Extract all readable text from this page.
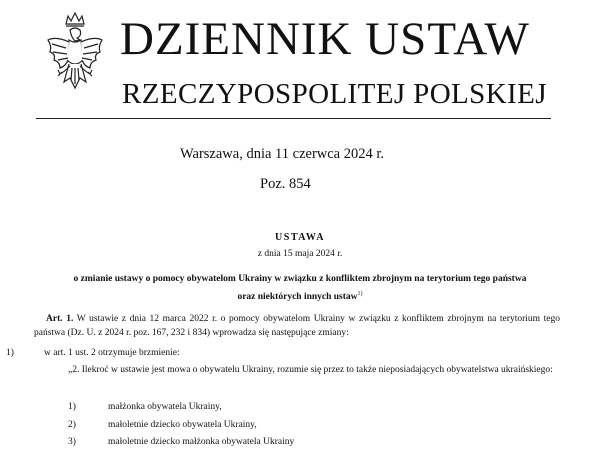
DZIENNIK USTAW
RZECZYPOSPOLITEJ POLSKIEJ
Warszawa, dnia 11 czerwca 2024 r.
Poz. 854
USTAWA
z dnia 15 maja 2024 r.
o zmianie ustawy o pomocy obywatelom Ukrainy w związku z konfliktem zbrojnym na terytorium tego państwa
oraz niektórych innych ustaw$^{1)}$
Art. 1. W ustawie z dnia 12 marca 2022 r. o pomocy obywatelom Ukrainy w związku z konfliktem zbrojnym na terytorium tego państwa (Dz. U. z 2024 r. poz. 167, 232 i 834) wprowadza się następujące zmiany:
1)	w art. 1 ust. 2 otrzymuje brzmienie:
„2. Ilekroć w ustawie jest mowa o obywatelu Ukrainy, rozumie się przez to także nieposiadających obywatelstwa ukraińskiego:
1)	małżonka obywatela Ukrainy,
2)	małoletnie dziecko obywatela Ukrainy,
3)	małoletnie dziecko małżonka obywatela Ukrainy
